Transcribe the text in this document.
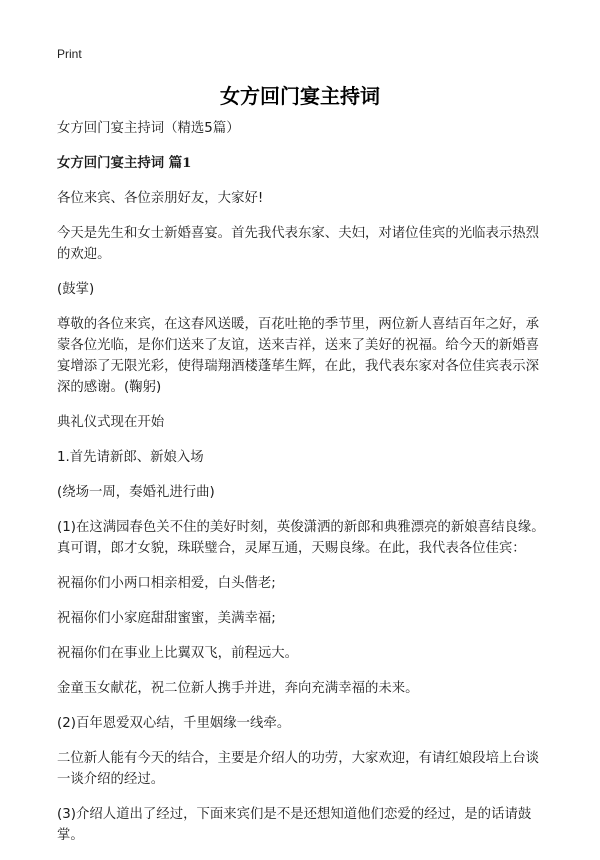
Print
女方回门宴主持词

女方回门宴主持词（精选5篇）

女方回门宴主持词 篇1

各位来宾、各位亲朋好友，大家好!

今天是先生和女士新婚喜宴。首先我代表东家、夫妇，对诸位佳宾的光临表示热烈的欢迎。

(鼓掌)

尊敬的各位来宾，在这春风送暖，百花吐艳的季节里，两位新人喜结百年之好，承蒙各位光临，是你们送来了友谊，送来吉祥，送来了美好的祝福。给今天的新婚喜宴增添了无限光彩，使得瑞翔酒楼蓬荜生辉，在此，我代表东家对各位佳宾表示深深的感谢。(鞠躬)

典礼仪式现在开始

1.首先请新郎、新娘入场

(绕场一周，奏婚礼进行曲)

(1)在这满园春色关不住的美好时刻，英俊潇洒的新郎和典雅漂亮的新娘喜结良缘。真可谓，郎才女貌，珠联璧合，灵犀互通，天赐良缘。在此，我代表各位佳宾：

祝福你们小两口相亲相爱，白头偕老;

祝福你们小家庭甜甜蜜蜜，美满幸福;

祝福你们在事业上比翼双飞，前程远大。

金童玉女献花，祝二位新人携手并进，奔向充满幸福的未来。

(2)百年恩爱双心结，千里姻缘一线牵。

二位新人能有今天的结合，主要是介绍人的功劳，大家欢迎，有请红娘段培上台谈一谈介绍的经过。

(3)介绍人道出了经过，下面来宾们是不是还想知道他们恋爱的经过，是的话请鼓掌。
